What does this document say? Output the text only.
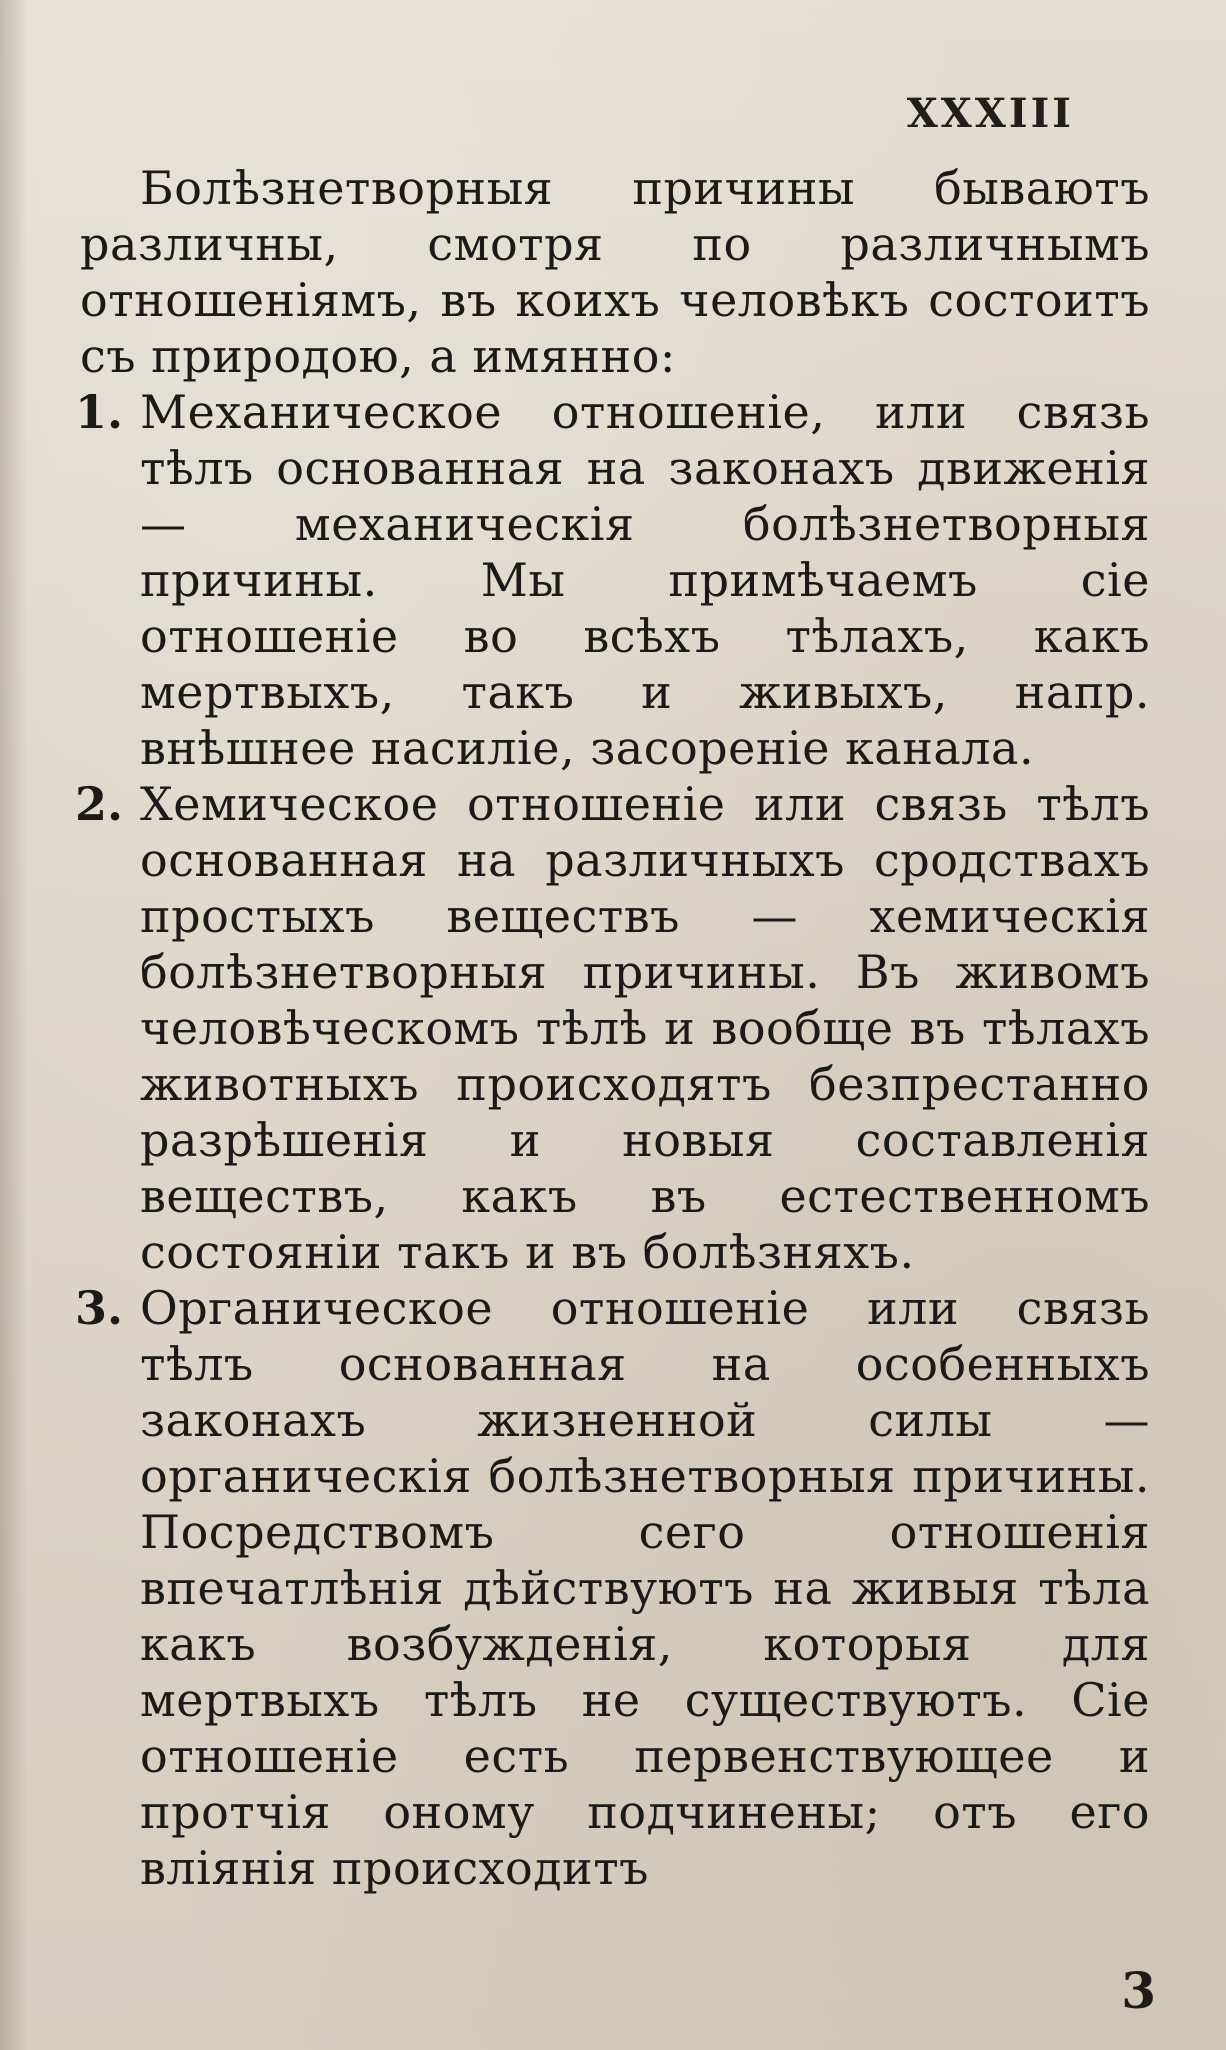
XXXIII

Болѣзнетворныя причины бываютъ различны, смотря по различнымъ отношенiямъ, въ коихъ человѣкъ состоитъ съ природою, а имянно:

1. Механическое отношенiе, или связь тѣлъ основанная на законахъ движенiя — механическiя болѣзнетворныя причины. Мы примѣчаемъ сiе отношенiе во всѣхъ тѣлахъ, какъ мертвыхъ, такъ и живыхъ, напр. внѣшнее насилiе, засоренiе канала.

2. Хемическое отношенiе или связь тѣлъ основанная на различныхъ сродствахъ простыхъ веществъ — хемическiя болѣзнетворныя причины. Въ живомъ человѣческомъ тѣлѣ и вообще въ тѣлахъ животныхъ происходятъ безпрестанно разрѣшенiя и новыя составленiя веществъ, какъ въ естественномъ состоянiи такъ и въ болѣзняхъ.

3. Органическое отношенiе или связь тѣлъ основанная на особенныхъ законахъ жизненной силы — органическiя болѣзнетворныя причины. Посредствомъ сего отношенiя впечатлѣнiя дѣйствуютъ на живыя тѣла какъ возбужденiя, которыя для мертвыхъ тѣлъ не существуютъ. Сiе отношенiе есть первенствующее и протчiя оному подчинены; отъ его влiянiя происходитъ

3
